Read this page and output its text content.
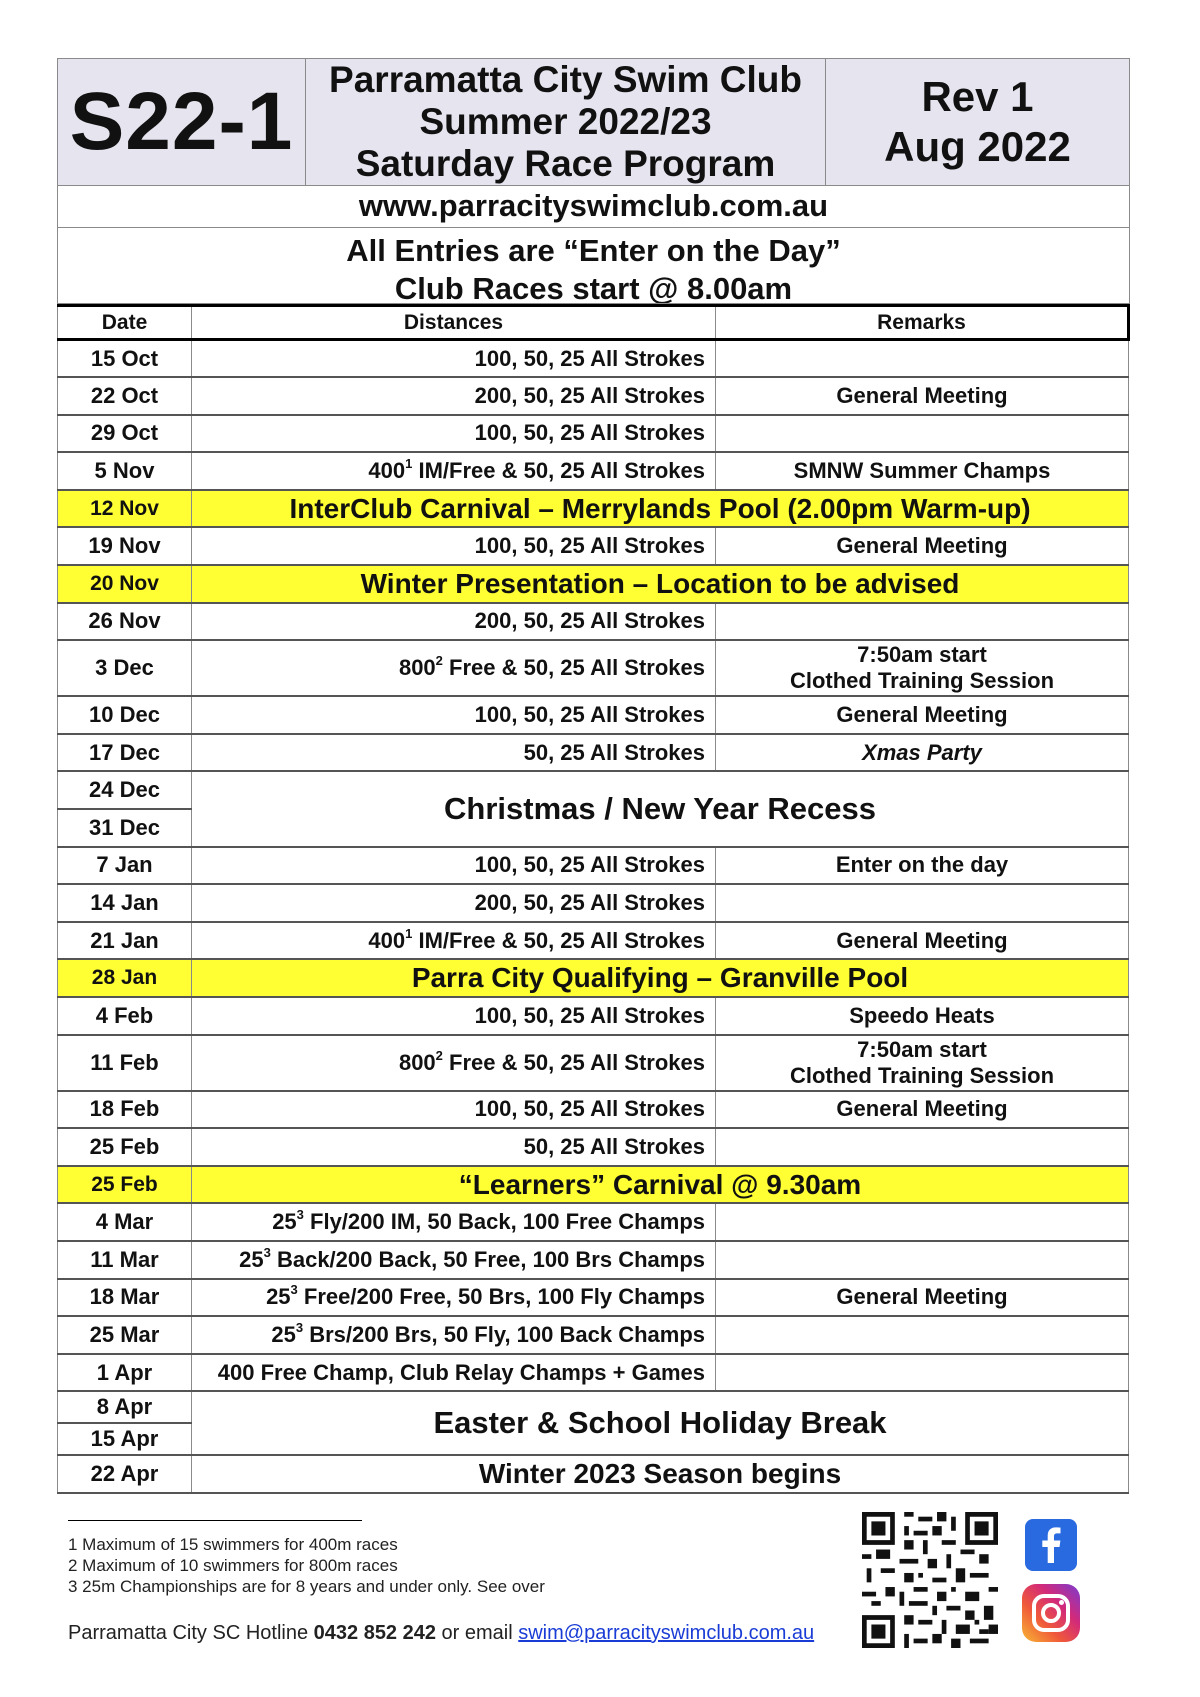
S22-1 Parramatta City Swim Club
Summer 2022/23
Saturday Race Program
Rev 1
Aug 2022
www.parracityswimclub.com.au
All Entries are “Enter on the Day”
Club Races start @ 8.00am
Date	Distances	Remarks
15 Oct	100, 50, 25 All Strokes	
22 Oct	200, 50, 25 All Strokes	General Meeting
29 Oct	100, 50, 25 All Strokes	
5 Nov	$400^1$ IM/Free & 50, 25 All Strokes	SMNW Summer Champs
12 Nov	InterClub Carnival – Merrylands Pool (2.00pm Warm-up)	
19 Nov	100, 50, 25 All Strokes	General Meeting
20 Nov	Winter Presentation – Location to be advised	
26 Nov	200, 50, 25 All Strokes	
3 Dec	$800^2$ Free & 50, 25 All Strokes	7:50am start
Clothed Training Session

10 Dec	100, 50, 25 All Strokes	General Meeting
17 Dec	50, 25 All Strokes	Xmas Party
24 Dec	Christmas / New Year Recess	
31 Dec		
7 Jan	100, 50, 25 All Strokes	Enter on the day
14 Jan	200, 50, 25 All Strokes	
21 Jan	$400^1$ IM/Free & 50, 25 All Strokes	General Meeting
28 Jan	Parra City Qualifying – Granville Pool	
4 Feb	100, 50, 25 All Strokes	Speedo Heats
11 Feb	$800^2$ Free & 50, 25 All Strokes	7:50am start
Clothed Training Session

18 Feb	100, 50, 25 All Strokes	General Meeting
25 Feb	50, 25 All Strokes	
25 Feb	“Learners” Carnival @ 9.30am	
4 Mar	$25^3$ Fly/200 IM, 50 Back, 100 Free Champs	
11 Mar	$25^3$ Back/200 Back, 50 Free, 100 Brs Champs	
18 Mar	$25^3$ Free/200 Free, 50 Brs, 100 Fly Champs	General Meeting
25 Mar	$25^3$ Brs/200 Brs, 50 Fly, 100 Back Champs	
1 Apr	400 Free Champ, Club Relay Champs + Games	
8 Apr	Easter & School Holiday Break	
15 Apr		
22 Apr	Winter 2023 Season begins	
1 Maximum of 15 swimmers for 400m races
2 Maximum of 10 swimmers for 800m races
3 25m Championships are for 8 years and under only. See over
Parramatta City SC Hotline 0432 852 242 or email swim@parracityswimclub.com.au
